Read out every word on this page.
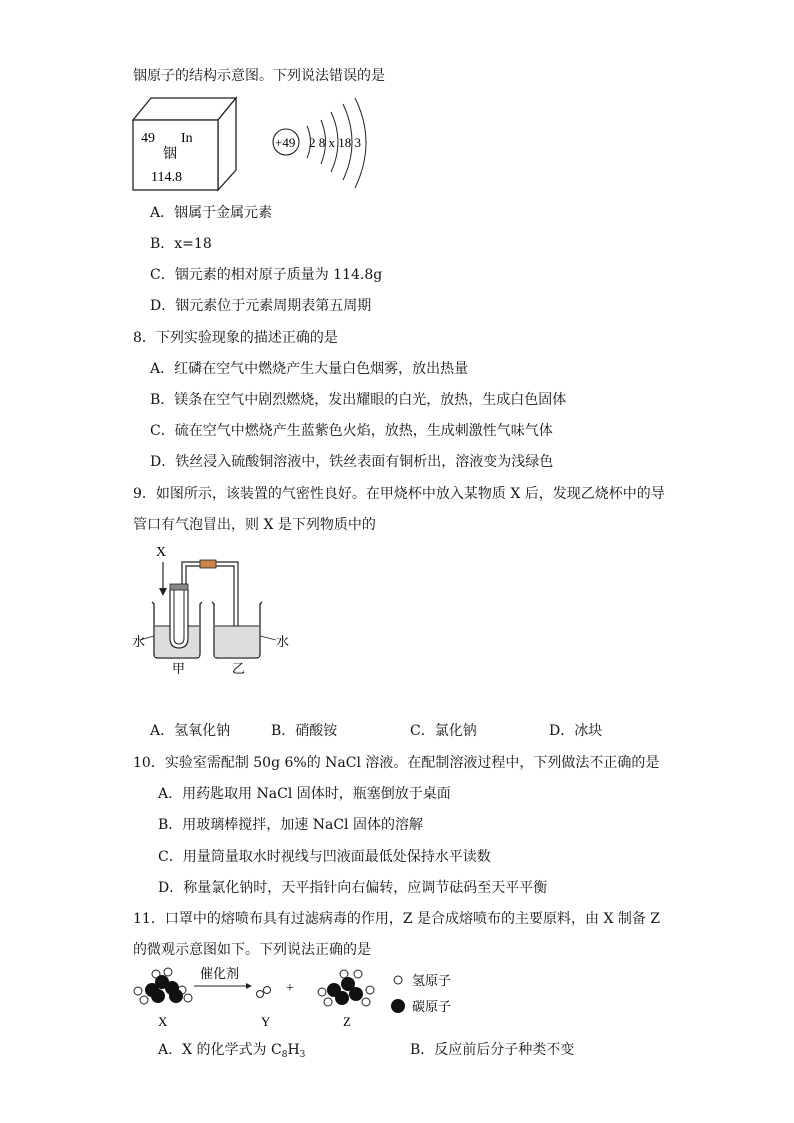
铟原子的结构示意图。下列说法错误的是
49 In
铟
114.8
+49 2 8 x 18 3
A．铟属于金属元素
B．x=18
C．铟元素的相对原子质量为 114.8g
D．铟元素位于元素周期表第五周期
8．下列实验现象的描述正确的是
A．红磷在空气中燃烧产生大量白色烟雾，放出热量
B．镁条在空气中剧烈燃烧，发出耀眼的白光，放热，生成白色固体
C．硫在空气中燃烧产生蓝紫色火焰，放热，生成刺激性气味气体
D．铁丝浸入硫酸铜溶液中，铁丝表面有铜析出，溶液变为浅绿色
9．如图所示，该装置的气密性良好。在甲烧杯中放入某物质 X 后，发现乙烧杯中的导
管口有气泡冒出，则 X 是下列物质中的
X
水	水
甲	乙
A．氢氧化钠	B．硝酸铵	C．氯化钠	D．冰块
10．实验室需配制 50g 6%的 NaCl 溶液。在配制溶液过程中，下列做法不正确的是
A．用药匙取用 NaCl 固体时，瓶塞倒放于桌面
B．用玻璃棒搅拌，加速 NaCl 固体的溶解
C．用量筒量取水时视线与凹液面最低处保持水平读数
D．称量氯化钠时，天平指针向右偏转，应调节砝码至天平平衡
11．口罩中的熔喷布具有过滤病毒的作用，Z 是合成熔喷布的主要原料，由 X 制备 Z
的微观示意图如下。下列说法正确的是
催化剂
+
氢原子
碳原子
X	Y	Z
A．X 的化学式为 $C_8H_3$	B．反应前后分子种类不变
